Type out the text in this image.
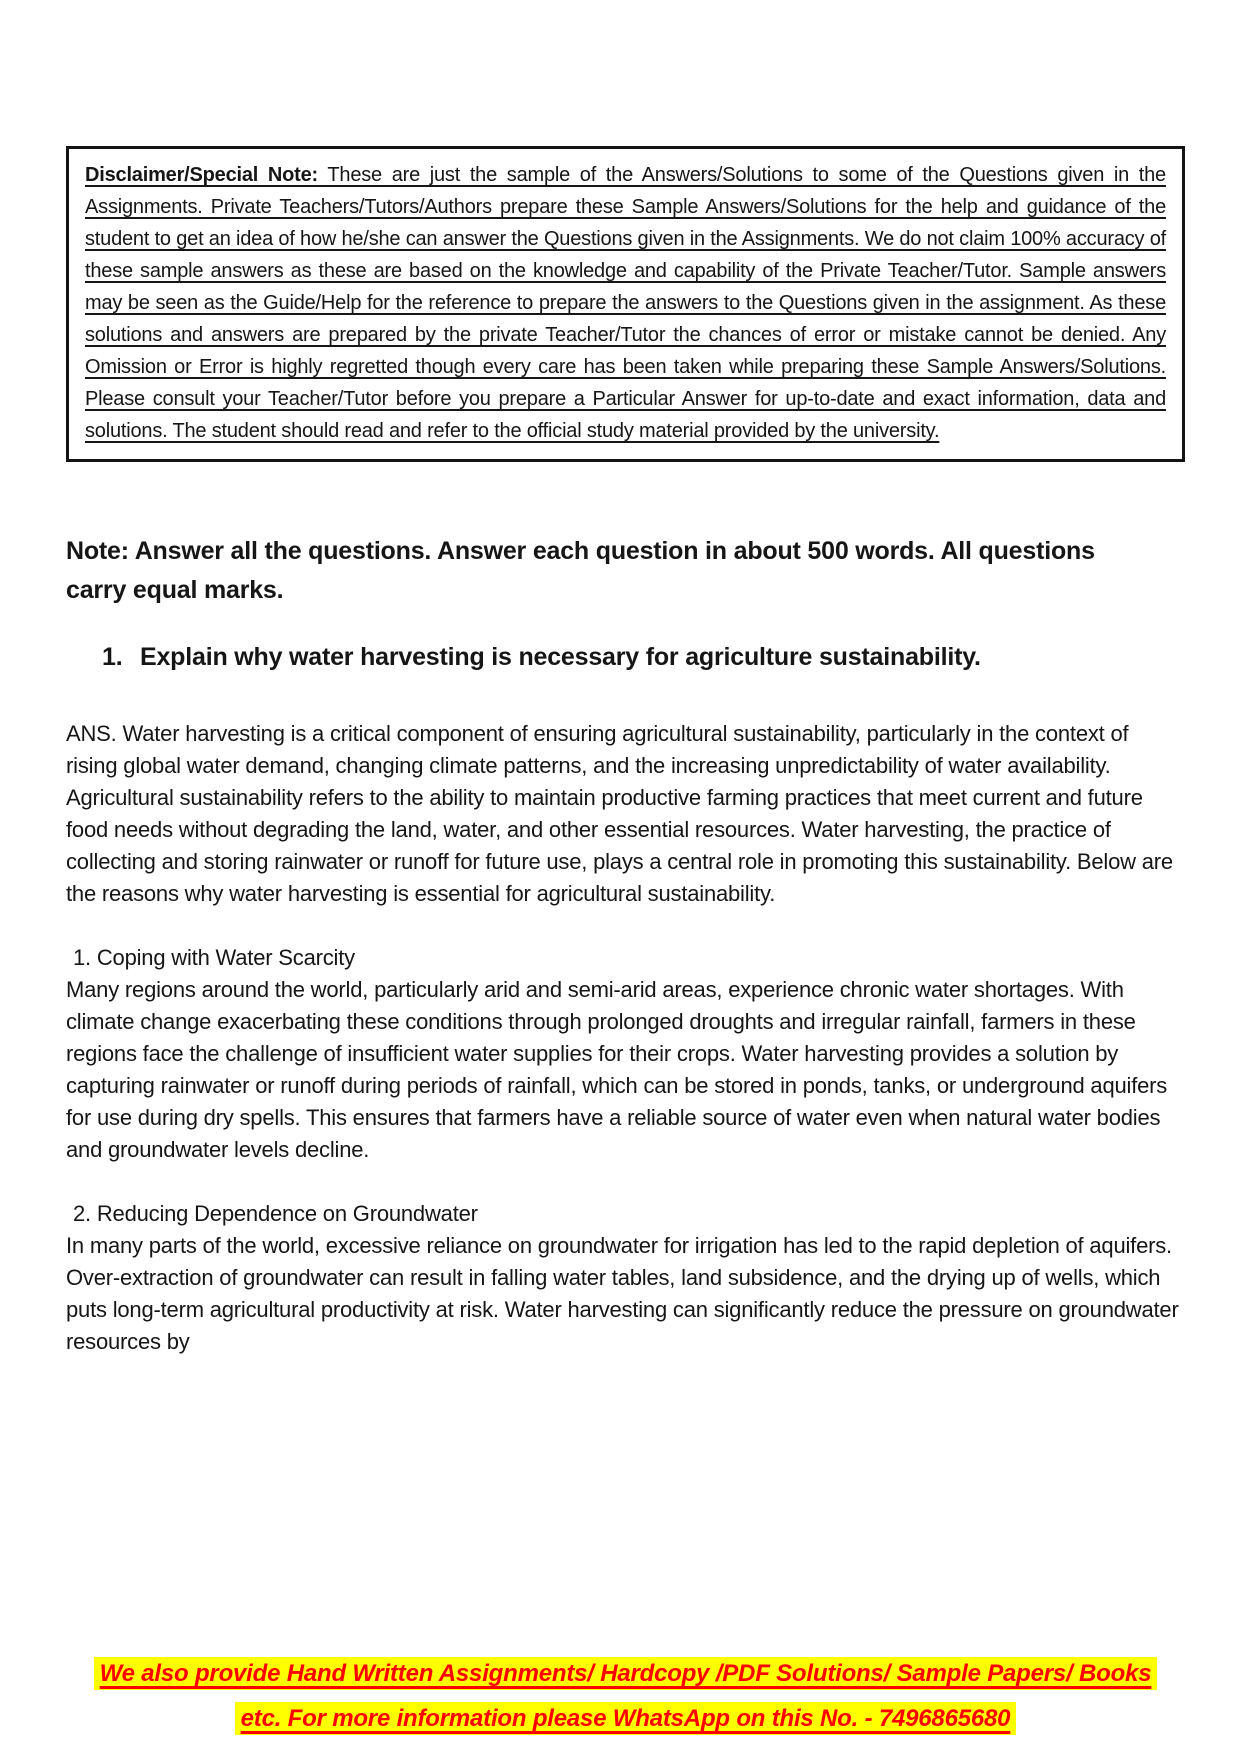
Disclaimer/Special Note: These are just the sample of the Answers/Solutions to some of the Questions given in the Assignments. Private Teachers/Tutors/Authors prepare these Sample Answers/Solutions for the help and guidance of the student to get an idea of how he/she can answer the Questions given in the Assignments. We do not claim 100% accuracy of these sample answers as these are based on the knowledge and capability of the Private Teacher/Tutor. Sample answers may be seen as the Guide/Help for the reference to prepare the answers to the Questions given in the assignment. As these solutions and answers are prepared by the private Teacher/Tutor the chances of error or mistake cannot be denied. Any Omission or Error is highly regretted though every care has been taken while preparing these Sample Answers/Solutions. Please consult your Teacher/Tutor before you prepare a Particular Answer for up-to-date and exact information, data and solutions. The student should read and refer to the official study material provided by the university.

Note: Answer all the questions. Answer each question in about 500 words. All questions carry equal marks.

1. Explain why water harvesting is necessary for agriculture sustainability.

ANS. Water harvesting is a critical component of ensuring agricultural sustainability, particularly in the context of rising global water demand, changing climate patterns, and the increasing unpredictability of water availability. Agricultural sustainability refers to the ability to maintain productive farming practices that meet current and future food needs without degrading the land, water, and other essential resources. Water harvesting, the practice of collecting and storing rainwater or runoff for future use, plays a central role in promoting this sustainability. Below are the reasons why water harvesting is essential for agricultural sustainability.

1. Coping with Water Scarcity

Many regions around the world, particularly arid and semi-arid areas, experience chronic water shortages. With climate change exacerbating these conditions through prolonged droughts and irregular rainfall, farmers in these regions face the challenge of insufficient water supplies for their crops. Water harvesting provides a solution by capturing rainwater or runoff during periods of rainfall, which can be stored in ponds, tanks, or underground aquifers for use during dry spells. This ensures that farmers have a reliable source of water even when natural water bodies and groundwater levels decline.

2. Reducing Dependence on Groundwater

In many parts of the world, excessive reliance on groundwater for irrigation has led to the rapid depletion of aquifers. Over-extraction of groundwater can result in falling water tables, land subsidence, and the drying up of wells, which puts long-term agricultural productivity at risk. Water harvesting can significantly reduce the pressure on groundwater resources by

We also provide Hand Written Assignments/ Hardcopy /PDF Solutions/ Sample Papers/ Books etc. For more information please WhatsApp on this No. - 7496865680
